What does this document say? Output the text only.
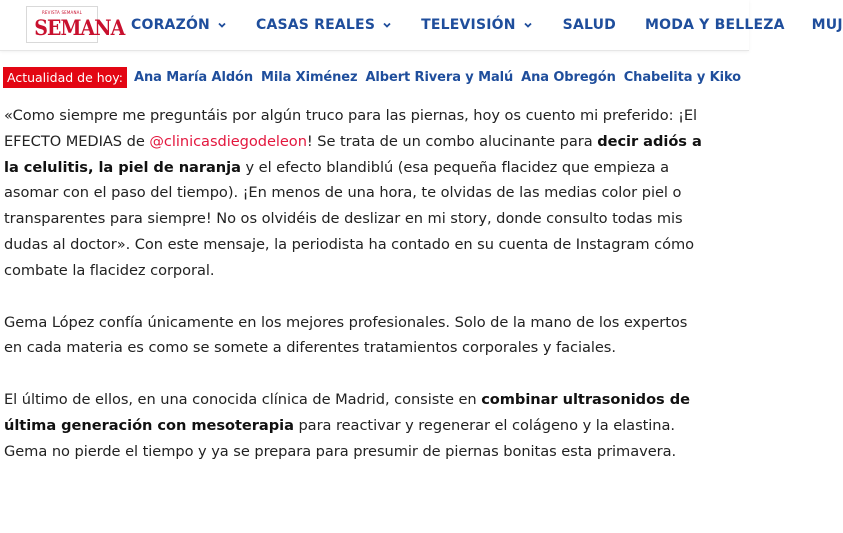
REVISTA SEMANAL
SEMANA CORAZÓN	CASAS REALES	TELEVISIÓN	SALUD MODA Y BELLEZA MUJ
Actualidad de hoy: Ana María Aldón Mila Ximénez Albert Rivera y Malú Ana Obregón Chabelita y Kiko

«Como siempre me preguntáis por algún truco para las piernas, hoy os cuento mi preferido: ¡El EFECTO MEDIAS de @clinicasdiegodeleon! Se trata de un combo alucinante para decir adiós a la celulitis, la piel de naranja y el efecto blandiblú (esa pequeña flacidez que empieza a asomar con el paso del tiempo). ¡En menos de una hora, te olvidas de las medias color piel o transparentes para siempre! No os olvidéis de deslizar en mi story, donde consulto todas mis dudas al doctor». Con este mensaje, la periodista ha contado en su cuenta de Instagram cómo combate la flacidez corporal.

Gema López confía únicamente en los mejores profesionales. Solo de la mano de los expertos en cada materia es como se somete a diferentes tratamientos corporales y faciales.

El último de ellos, en una conocida clínica de Madrid, consiste en combinar ultrasonidos de última generación con mesoterapia para reactivar y regenerar el colágeno y la elastina. Gema no pierde el tiempo y ya se prepara para presumir de piernas bonitas esta primavera.
